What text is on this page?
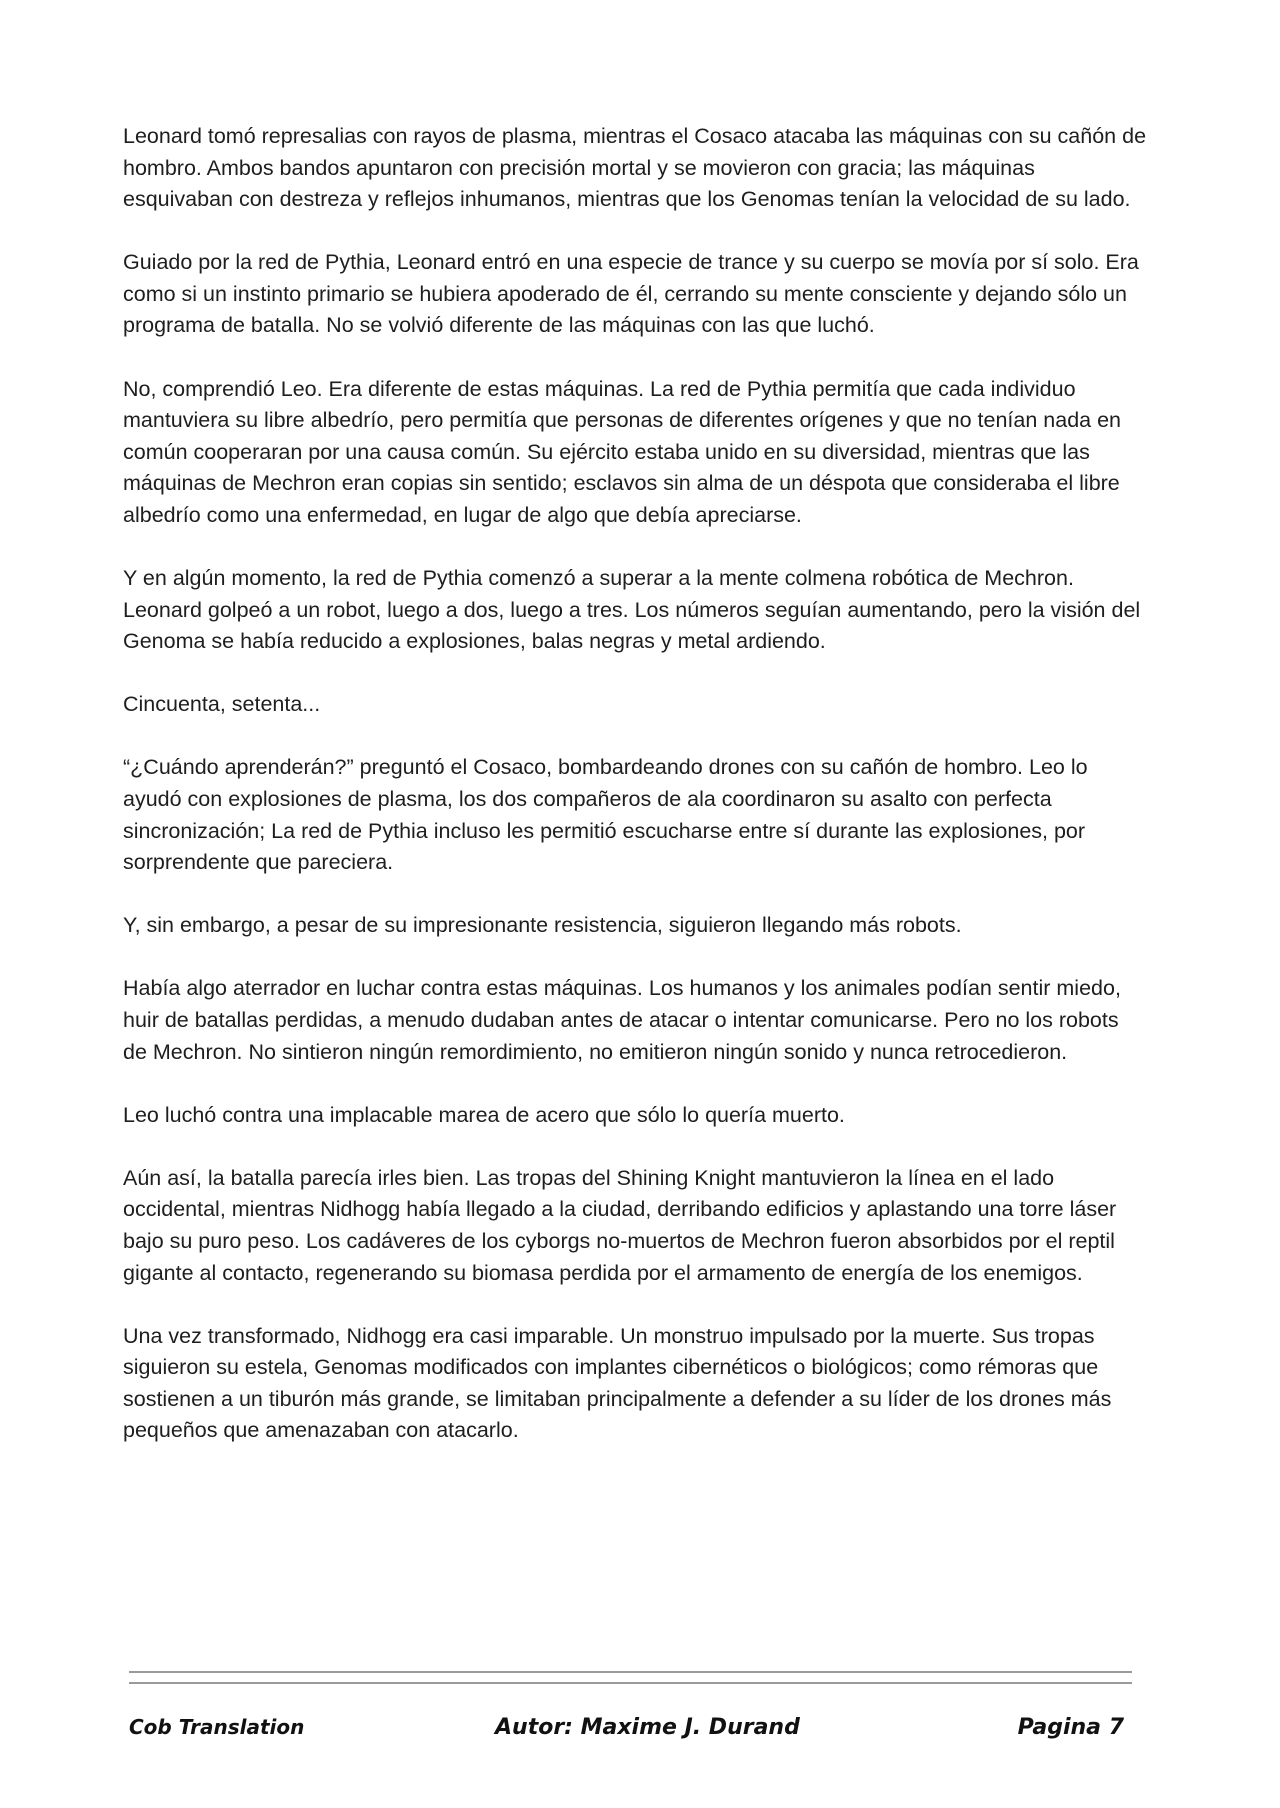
Leonard tomó represalias con rayos de plasma, mientras el Cosaco atacaba las máquinas con su cañón de hombro. Ambos bandos apuntaron con precisión mortal y se movieron con gracia; las máquinas esquivaban con destreza y reflejos inhumanos, mientras que los Genomas tenían la velocidad de su lado.

Guiado por la red de Pythia, Leonard entró en una especie de trance y su cuerpo se movía por sí solo. Era como si un instinto primario se hubiera apoderado de él, cerrando su mente consciente y dejando sólo un programa de batalla. No se volvió diferente de las máquinas con las que luchó.

No, comprendió Leo. Era diferente de estas máquinas. La red de Pythia permitía que cada individuo mantuviera su libre albedrío, pero permitía que personas de diferentes orígenes y que no tenían nada en común cooperaran por una causa común. Su ejército estaba unido en su diversidad, mientras que las máquinas de Mechron eran copias sin sentido; esclavos sin alma de un déspota que consideraba el libre albedrío como una enfermedad, en lugar de algo que debía apreciarse.

Y en algún momento, la red de Pythia comenzó a superar a la mente colmena robótica de Mechron. Leonard golpeó a un robot, luego a dos, luego a tres. Los números seguían aumentando, pero la visión del Genoma se había reducido a explosiones, balas negras y metal ardiendo.

Cincuenta, setenta...

“¿Cuándo aprenderán?” preguntó el Cosaco, bombardeando drones con su cañón de hombro. Leo lo ayudó con explosiones de plasma, los dos compañeros de ala coordinaron su asalto con perfecta sincronización; La red de Pythia incluso les permitió escucharse entre sí durante las explosiones, por sorprendente que pareciera.

Y, sin embargo, a pesar de su impresionante resistencia, siguieron llegando más robots.

Había algo aterrador en luchar contra estas máquinas. Los humanos y los animales podían sentir miedo, huir de batallas perdidas, a menudo dudaban antes de atacar o intentar comunicarse. Pero no los robots de Mechron. No sintieron ningún remordimiento, no emitieron ningún sonido y nunca retrocedieron.

Leo luchó contra una implacable marea de acero que sólo lo quería muerto.

Aún así, la batalla parecía irles bien. Las tropas del Shining Knight mantuvieron la línea en el lado occidental, mientras Nidhogg había llegado a la ciudad, derribando edificios y aplastando una torre láser bajo su puro peso. Los cadáveres de los cyborgs no-muertos de Mechron fueron absorbidos por el reptil gigante al contacto, regenerando su biomasa perdida por el armamento de energía de los enemigos.

Una vez transformado, Nidhogg era casi imparable. Un monstruo impulsado por la muerte. Sus tropas siguieron su estela, Genomas modificados con implantes cibernéticos o biológicos; como rémoras que sostienen a un tiburón más grande, se limitaban principalmente a defender a su líder de los drones más pequeños que amenazaban con atacarlo.

Cob Translation	Autor: Maxime J. Durand	Pagina 7
